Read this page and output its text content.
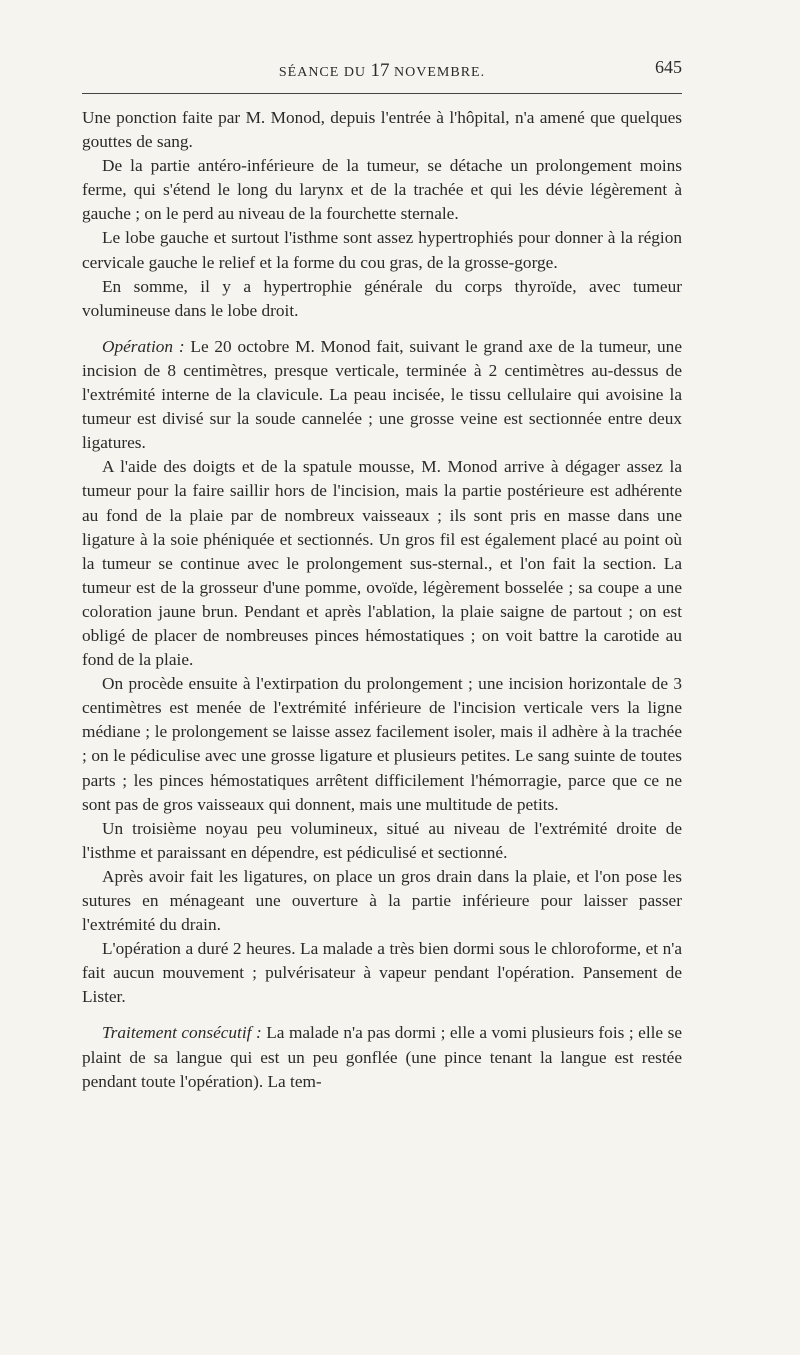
SÉANCE DU 17 NOVEMBRE.	645

Une ponction faite par M. Monod, depuis l'entrée à l'hôpital, n'a amené que quelques gouttes de sang.

De la partie antéro-inférieure de la tumeur, se détache un prolongement moins ferme, qui s'étend le long du larynx et de la trachée et qui les dévie légèrement à gauche ; on le perd au niveau de la fourchette sternale.

Le lobe gauche et surtout l'isthme sont assez hypertrophiés pour donner à la région cervicale gauche le relief et la forme du cou gras, de la grosse-gorge.

En somme, il y a hypertrophie générale du corps thyroïde, avec tumeur volumineuse dans le lobe droit.

Opération : Le 20 octobre M. Monod fait, suivant le grand axe de la tumeur, une incision de 8 centimètres, presque verticale, terminée à 2 centimètres au-dessus de l'extrémité interne de la clavicule. La peau incisée, le tissu cellulaire qui avoisine la tumeur est divisé sur la soude cannelée ; une grosse veine est sectionnée entre deux ligatures.

A l'aide des doigts et de la spatule mousse, M. Monod arrive à dégager assez la tumeur pour la faire saillir hors de l'incision, mais la partie postérieure est adhérente au fond de la plaie par de nombreux vaisseaux ; ils sont pris en masse dans une ligature à la soie phéniquée et sectionnés. Un gros fil est également placé au point où la tumeur se continue avec le prolongement sus-sternal., et l'on fait la section. La tumeur est de la grosseur d'une pomme, ovoïde, légèrement bosselée ; sa coupe a une coloration jaune brun. Pendant et après l'ablation, la plaie saigne de partout ; on est obligé de placer de nombreuses pinces hémostatiques ; on voit battre la carotide au fond de la plaie.

On procède ensuite à l'extirpation du prolongement ; une incision horizontale de 3 centimètres est menée de l'extrémité inférieure de l'incision verticale vers la ligne médiane ; le prolongement se laisse assez facilement isoler, mais il adhère à la trachée ; on le pédiculise avec une grosse ligature et plusieurs petites. Le sang suinte de toutes parts ; les pinces hémostatiques arrêtent difficilement l'hémorragie, parce que ce ne sont pas de gros vaisseaux qui donnent, mais une multitude de petits.

Un troisième noyau peu volumineux, situé au niveau de l'extrémité droite de l'isthme et paraissant en dépendre, est pédiculisé et sectionné.

Après avoir fait les ligatures, on place un gros drain dans la plaie, et l'on pose les sutures en ménageant une ouverture à la partie inférieure pour laisser passer l'extrémité du drain.

L'opération a duré 2 heures. La malade a très bien dormi sous le chloroforme, et n'a fait aucun mouvement ; pulvérisateur à vapeur pendant l'opération. Pansement de Lister.

Traitement consécutif : La malade n'a pas dormi ; elle a vomi plusieurs fois ; elle se plaint de sa langue qui est un peu gonflée (une pince tenant la langue est restée pendant toute l'opération). La tem-
